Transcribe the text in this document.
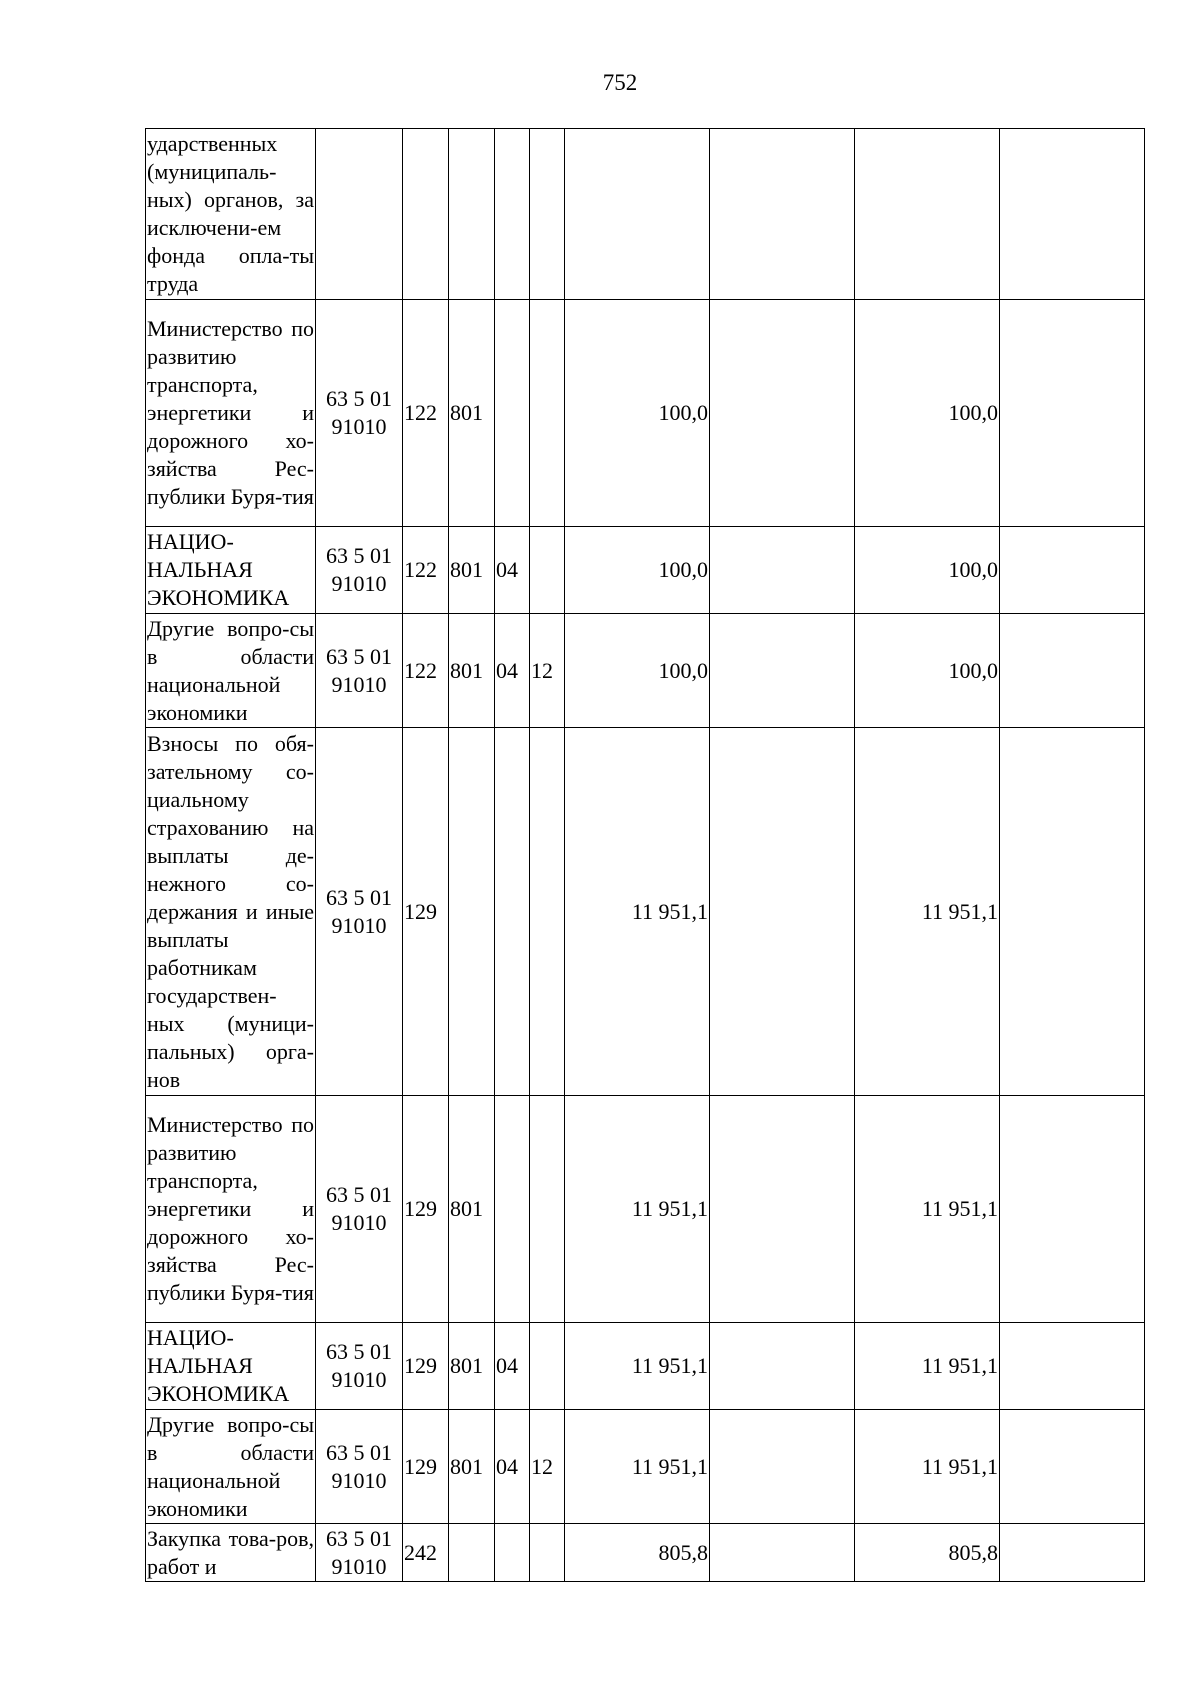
752
ударственных (муниципаль-ных) органов, за исключени-ем фонда опла-ты труда									
Министерство по развитию транспорта, энергетики и дорожного хо-зяйства Рес-публики Буря-тия	63 5 01 91010	122	801			100,0		100,0	
НАЦИО-НАЛЬНАЯ ЭКОНОМИКА	63 5 01 91010	122	801	04		100,0		100,0	
Другие вопро-сы в области национальной экономики	63 5 01 91010	122	801	04	12	100,0		100,0	
Взносы по обя-зательному со-циальному страхованию на выплаты де-нежного со-держания и иные выплаты работникам государствен-ных (муници-пальных) орга-нов	63 5 01 91010	129				11 951,1		11 951,1	
Министерство по развитию транспорта, энергетики и дорожного хо-зяйства Рес-публики Буря-тия	63 5 01 91010	129	801			11 951,1		11 951,1	
НАЦИО-НАЛЬНАЯ ЭКОНОМИКА	63 5 01 91010	129	801	04		11 951,1		11 951,1	
Другие вопро-сы в области национальной экономики	63 5 01 91010	129	801	04	12	11 951,1		11 951,1	
Закупка това-ров, работ и	63 5 01 91010	242				805,8		805,8	
